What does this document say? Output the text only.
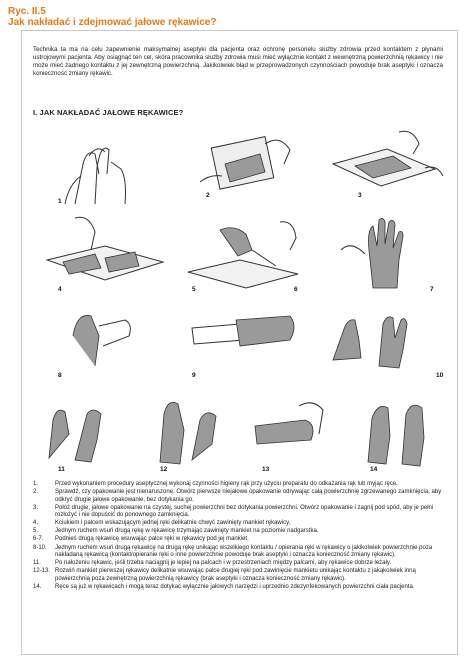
Ryc. II.5
Jak nakładać i zdejmować jałowe rękawice?
Technika ta ma na celu zapewnienie maksymalnej aseptyki dla pacjenta oraz ochronę personelu służby zdrowia przed kontaktem z płynami ustrojowymi pacjenta. Aby osiągnąć ten cel, skóra pracownika służby zdrowia musi mieć wyłącznie kontakt z wewnętrzną powierzchnią rękawicy i nie może mieć żadnego kontaktu z jej zewnętrzną powierzchnią. Jakikolwiek błąd w przeprowadzonych czynnościach powoduje brak aseptyki i oznacza konieczność zmiany rękawic.
I. JAK NAKŁADAĆ JAŁOWE RĘKAWICE?
1
2	3
4	5	6	7
8	9	10
11	12	13	14
1.	Przed wykonaniem procedury aseptycznej wykonaj czynności higieny rąk przy użyciu preparatu do odkażania rąk lub myjąc ręce.
2.	Sprawdź, czy opakowanie jest nienaruszone. Otwórz pierwsze niejałowe opakowanie odrywając całą powierzchnię zgrzewanego zamknięcia, aby odkryć drugie jałowe opakowanie, bez dotykania go.
3.	Połóż drugie, jałowe opakowanie na czystej, suchej powierzchni bez dotykania powierzchni. Otwórz opakowanie i zagnij pod spód, aby je pełni rozłożyć i nie dopuścić do ponownego zamknięcia.
4.	Kciukiem i palcem wskazującym jednej ręki delikatnie chwyć zawinięty mankiet rękawicy.
5.	Jednym ruchem wsuń drugą rękę w rękawicę trzymając zawinięty mankiet na poziomie nadgarstka.
6-7.	Podnieś drugą rękawicę wsuwając palce ręki w rękawicy pod jej mankiet.
8-10.	Jednym ruchem wsuń drugą rękawicę na drugą rękę unikając wszelkiego kontaktu / opierania ręki w rękawicy o jakikolwiek powierzchnie poza nakładaną rękawicą (kontakt/opieranie ręki o inne powierzchnie powoduje brak aseptyki i oznacza konieczność zmiany rękawic).
11.	Po nałożeniu rękawic, jeśli trzeba naciągnij je lepiej na palcach i w przestrzeniach między palcami, aby rękawice dobrze leżały.
12-13. Rozwiń mankiet pierwszej rękawicy delikatnie wsuwając palce drugiej ręki pod zawinięcie mankietu unikając kontaktu z jakąkolwiek inną powierzchnią poza zewnętrzną powierzchnią rękawicy (brak aseptyki i oznacza konieczność zmiany rękawic).
14.	Ręce są już w rękawicach i mogą teraz dotykać wyłącznie jałowych narzędzi i uprzednio zdezynfekowanych powierzchni ciała pacjenta.
